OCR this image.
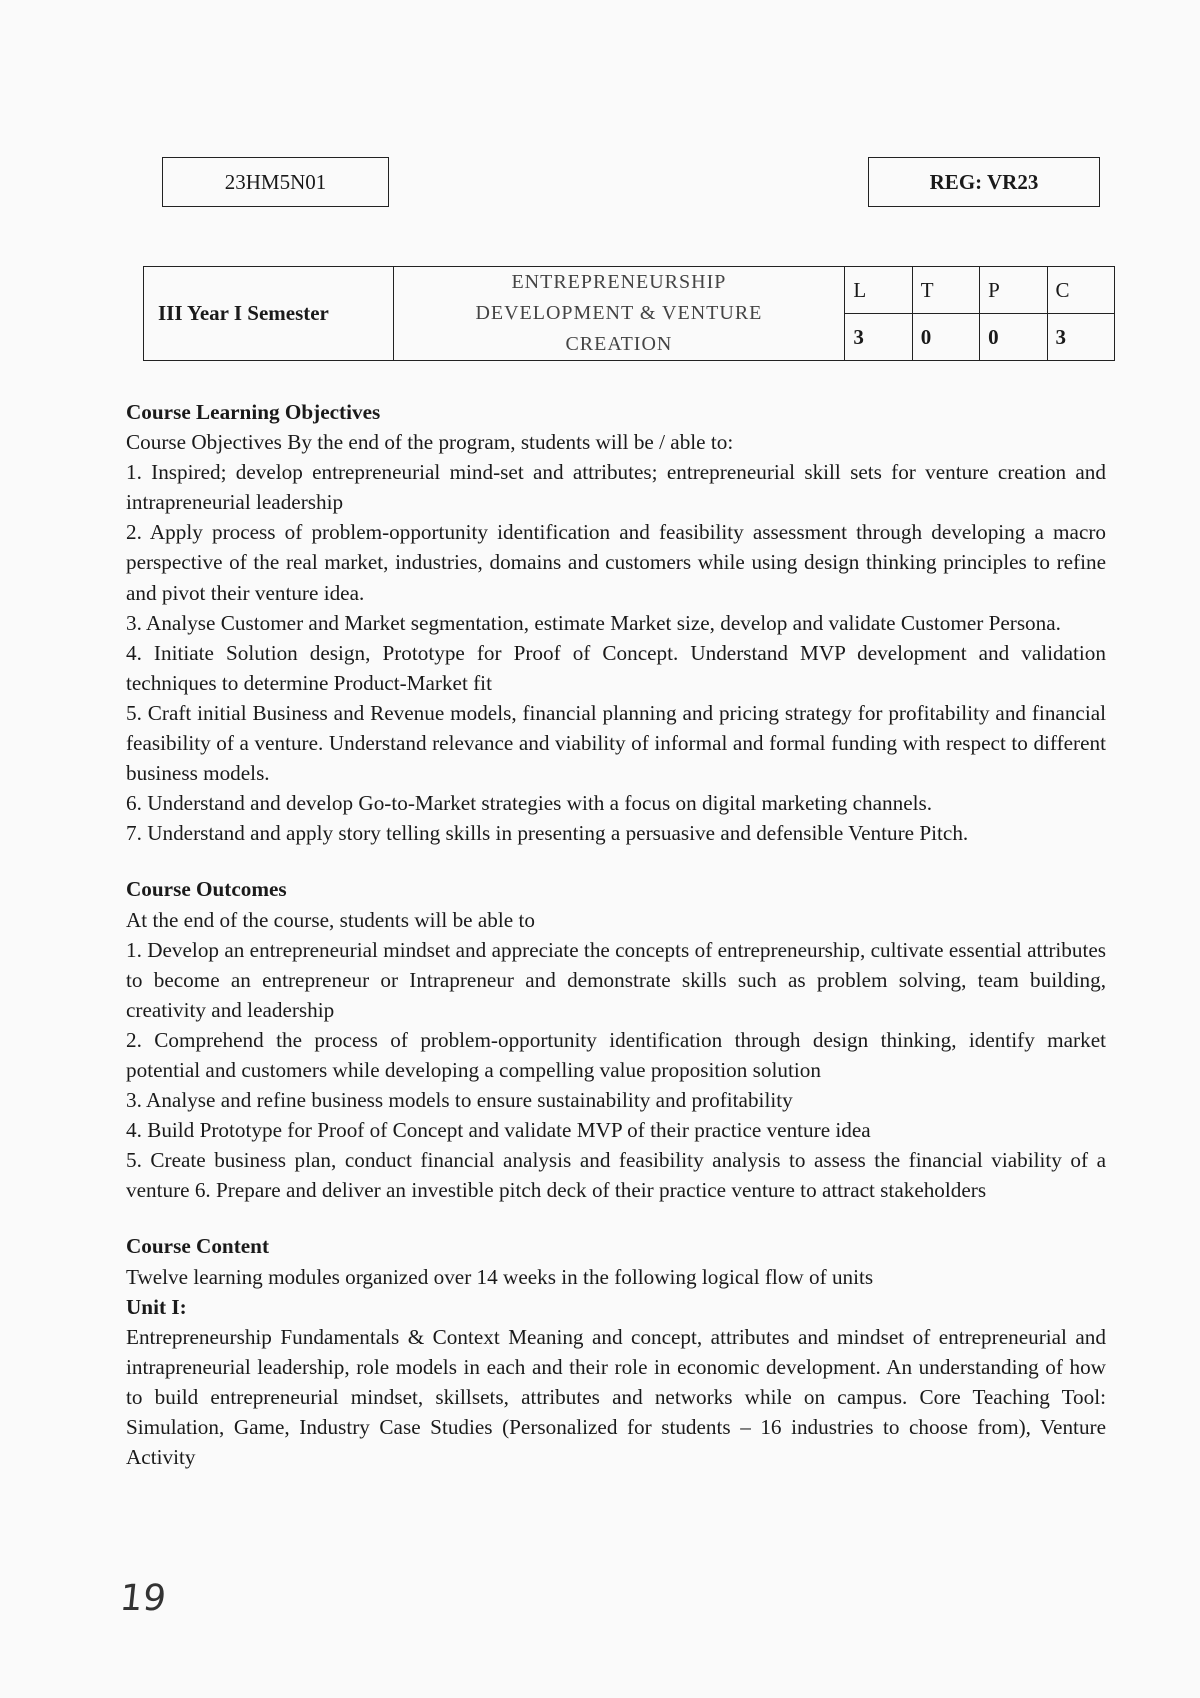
23HM5N01	REG: VR23
III Year I Semester	ENTREPRENEURSHIP
DEVELOPMENT & VENTURE
CREATION	L	T	P	C
		3	0	0	3
Course Learning Objectives

Course Objectives By the end of the program, students will be / able to:

1. Inspired; develop entrepreneurial mind-set and attributes; entrepreneurial skill sets for venture creation and intrapreneurial leadership

2. Apply process of problem-opportunity identification and feasibility assessment through developing a macro perspective of the real market, industries, domains and customers while using design thinking principles to refine and pivot their venture idea.

3. Analyse Customer and Market segmentation, estimate Market size, develop and validate Customer Persona.

4. Initiate Solution design, Prototype for Proof of Concept. Understand MVP development and validation techniques to determine Product-Market fit

5. Craft initial Business and Revenue models, financial planning and pricing strategy for profitability and financial feasibility of a venture. Understand relevance and viability of informal and formal funding with respect to different business models.

6. Understand and develop Go-to-Market strategies with a focus on digital marketing channels.

7. Understand and apply story telling skills in presenting a persuasive and defensible Venture Pitch.

Course Outcomes

At the end of the course, students will be able to

1. Develop an entrepreneurial mindset and appreciate the concepts of entrepreneurship, cultivate essential attributes to become an entrepreneur or Intrapreneur and demonstrate skills such as problem solving, team building, creativity and leadership

2. Comprehend the process of problem-opportunity identification through design thinking, identify market potential and customers while developing a compelling value proposition solution

3. Analyse and refine business models to ensure sustainability and profitability

4. Build Prototype for Proof of Concept and validate MVP of their practice venture idea

5. Create business plan, conduct financial analysis and feasibility analysis to assess the financial viability of a venture 6. Prepare and deliver an investible pitch deck of their practice venture to attract stakeholders

Course Content

Twelve learning modules organized over 14 weeks in the following logical flow of units

Unit I:

Entrepreneurship Fundamentals & Context Meaning and concept, attributes and mindset of entrepreneurial and intrapreneurial leadership, role models in each and their role in economic development. An understanding of how to build entrepreneurial mindset, skillsets, attributes and networks while on campus. Core Teaching Tool: Simulation, Game, Industry Case Studies (Personalized for students – 16 industries to choose from), Venture Activity

19
